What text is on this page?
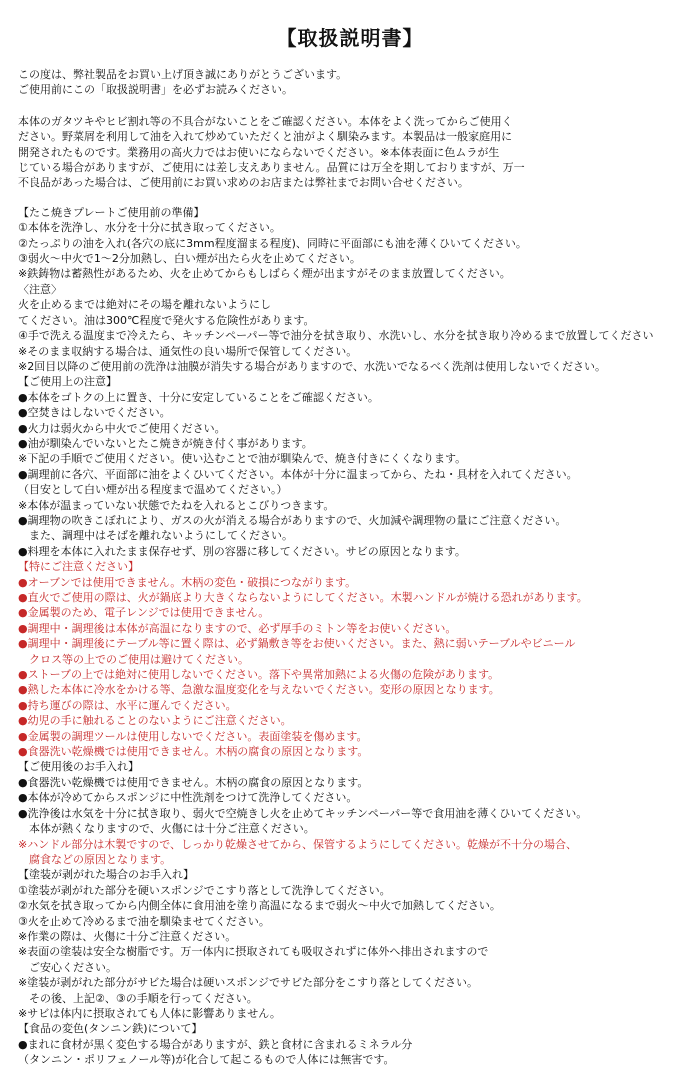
【取扱説明書】
この度は、弊社製品をお買い上げ頂き誠にありがとうございます。
ご使用前にこの「取扱説明書」を必ずお読みください。
本体のガタツキやヒビ割れ等の不具合がないことをご確認ください。本体をよく洗ってからご使用く
ださい。野菜屑を利用して油を入れて炒めていただくと油がよく馴染みます。本製品は一般家庭用に
開発されたものです。業務用の高火力ではお使いにならないでください。※本体表面に色ムラが生
じている場合がありますが、ご使用には差し支えありません。品質には万全を期しておりますが、万一
不良品があった場合は、ご使用前にお買い求めのお店または弊社までお問い合せください。
【たこ焼きプレートご使用前の準備】
①本体を洗浄し、水分を十分に拭き取ってください。
②たっぷりの油を入れ(各穴の底に3mm程度溜まる程度)、同時に平面部にも油を薄くひいてください。
③弱火～中火で1～2分加熱し、白い煙が出たら火を止めてください。
※鉄鋳物は蓄熱性があるため、火を止めてからもしばらく煙が出ますがそのまま放置してください。
〈注意〉
火を止めるまでは絶対にその場を離れないようにし
てください。油は300℃程度で発火する危険性があります。
④手で洗える温度まで冷えたら、キッチンペーパー等で油分を拭き取り、水洗いし、水分を拭き取り冷めるまで放置してください
※そのまま収納する場合は、通気性の良い場所で保管してください。
※2回目以降のご使用前の洗浄は油膜が消失する場合がありますので、水洗いでなるべく洗剤は使用しないでください。
【ご使用上の注意】
●本体をゴトクの上に置き、十分に安定していることをご確認ください。
●空焚きはしないでください。
●火力は弱火から中火でご使用ください。
●油が馴染んでいないとたこ焼きが焼き付く事があります。
※下記の手順でご使用ください。使い込むことで油が馴染んで、焼き付きにくくなります。
●調理前に各穴、平面部に油をよくひいてください。本体が十分に温まってから、たね・具材を入れてください。
（目安として白い煙が出る程度まで温めてください。）
※本体が温まっていない状態でたねを入れるとこびりつきます。
●調理物の吹きこぼれにより、ガスの火が消える場合がありますので、火加減や調理物の量にご注意ください。
　また、調理中はそばを離れないようにしてください。
●料理を本体に入れたまま保存せず、別の容器に移してください。サビの原因となります。
【特にご注意ください】
●オーブンでは使用できません。木柄の変色・破損につながります。
●直火でご使用の際は、火が鍋底より大きくならないようにしてください。木製ハンドルが焼ける恐れがあります。
●金属製のため、電子レンジでは使用できません。
●調理中・調理後は本体が高温になりますので、必ず厚手のミトン等をお使いください。
●調理中・調理後にテーブル等に置く際は、必ず鍋敷き等をお使いください。また、熱に弱いテーブルやビニール
　クロス等の上でのご使用は避けてください。
●ストーブの上では絶対に使用しないでください。落下や異常加熱による火傷の危険があります。
●熱した本体に冷水をかける等、急激な温度変化を与えないでください。変形の原因となります。
●持ち運びの際は、水平に運んでください。
●幼児の手に触れることのないようにご注意ください。
●金属製の調理ツールは使用しないでください。表面塗装を傷めます。
●食器洗い乾燥機では使用できません。木柄の腐食の原因となります。
【ご使用後のお手入れ】
●食器洗い乾燥機では使用できません。木柄の腐食の原因となります。
●本体が冷めてからスポンジに中性洗剤をつけて洗浄してください。
●洗浄後は水気を十分に拭き取り、弱火で空焼きし火を止めてキッチンペーパー等で食用油を薄くひいてください。
　本体が熱くなりますので、火傷には十分ご注意ください。
※ハンドル部分は木製ですので、しっかり乾燥させてから、保管するようにしてください。乾燥が不十分の場合、
　腐食などの原因となります。
【塗装が剥がれた場合のお手入れ】
①塗装が剥がれた部分を硬いスポンジでこすり落として洗浄してください。
②水気を拭き取ってから内側全体に食用油を塗り高温になるまで弱火～中火で加熱してください。
③火を止めて冷めるまで油を馴染ませてください。
※作業の際は、火傷に十分ご注意ください。
※表面の塗装は安全な樹脂です。万一体内に摂取されても吸収されずに体外へ排出されますので
　ご安心ください。
※塗装が剥がれた部分がサビた場合は硬いスポンジでサビた部分をこすり落としてください。
　その後、上記②、③の手順を行ってください。
※サビは体内に摂取されても人体に影響ありません。
【食品の変色(タンニン鉄)について】
●まれに食材が黒く変色する場合がありますが、鉄と食材に含まれるミネラル分
（タンニン・ポリフェノール等)が化合して起こるもので人体には無害です。
